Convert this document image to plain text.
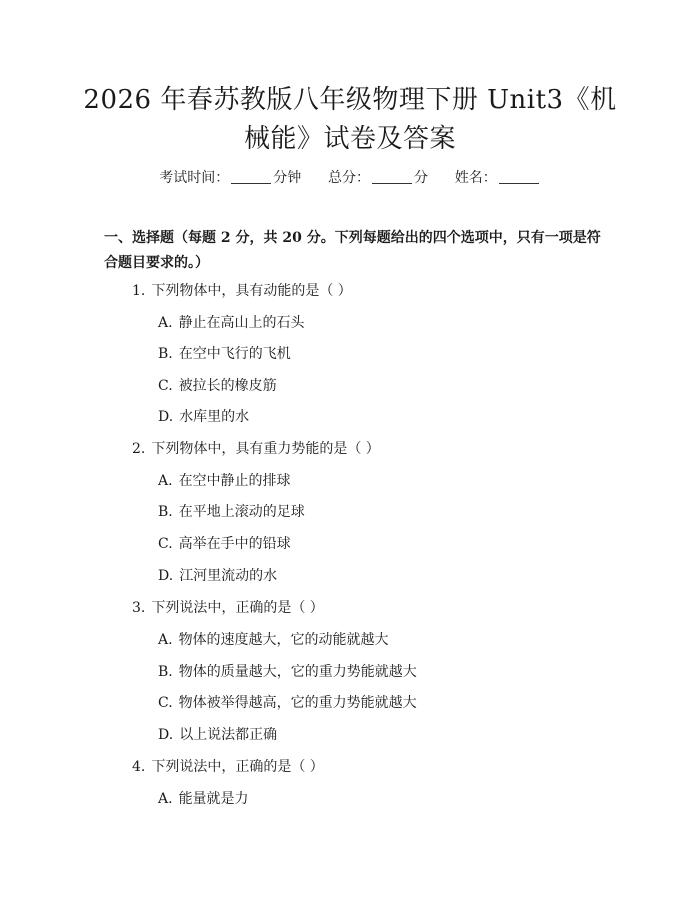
2026 年春苏教版八年级物理下册 Unit3《机
械能》试卷及答案
考试时间：	分钟 总分：	分 姓名：

一、选择题（每题 2 分，共 20 分。下列每题给出的四个选项中，只有一项是符合题目要求的。）

1. 下列物体中，具有动能的是（ ）
A. 静止在高山上的石头
B. 在空中飞行的飞机
C. 被拉长的橡皮筋
D. 水库里的水
2. 下列物体中，具有重力势能的是（ ）
A. 在空中静止的排球
B. 在平地上滚动的足球
C. 高举在手中的铅球
D. 江河里流动的水
3. 下列说法中，正确的是（ ）
A. 物体的速度越大，它的动能就越大
B. 物体的质量越大，它的重力势能就越大
C. 物体被举得越高，它的重力势能就越大
D. 以上说法都正确
4. 下列说法中，正确的是（ ）
A. 能量就是力
